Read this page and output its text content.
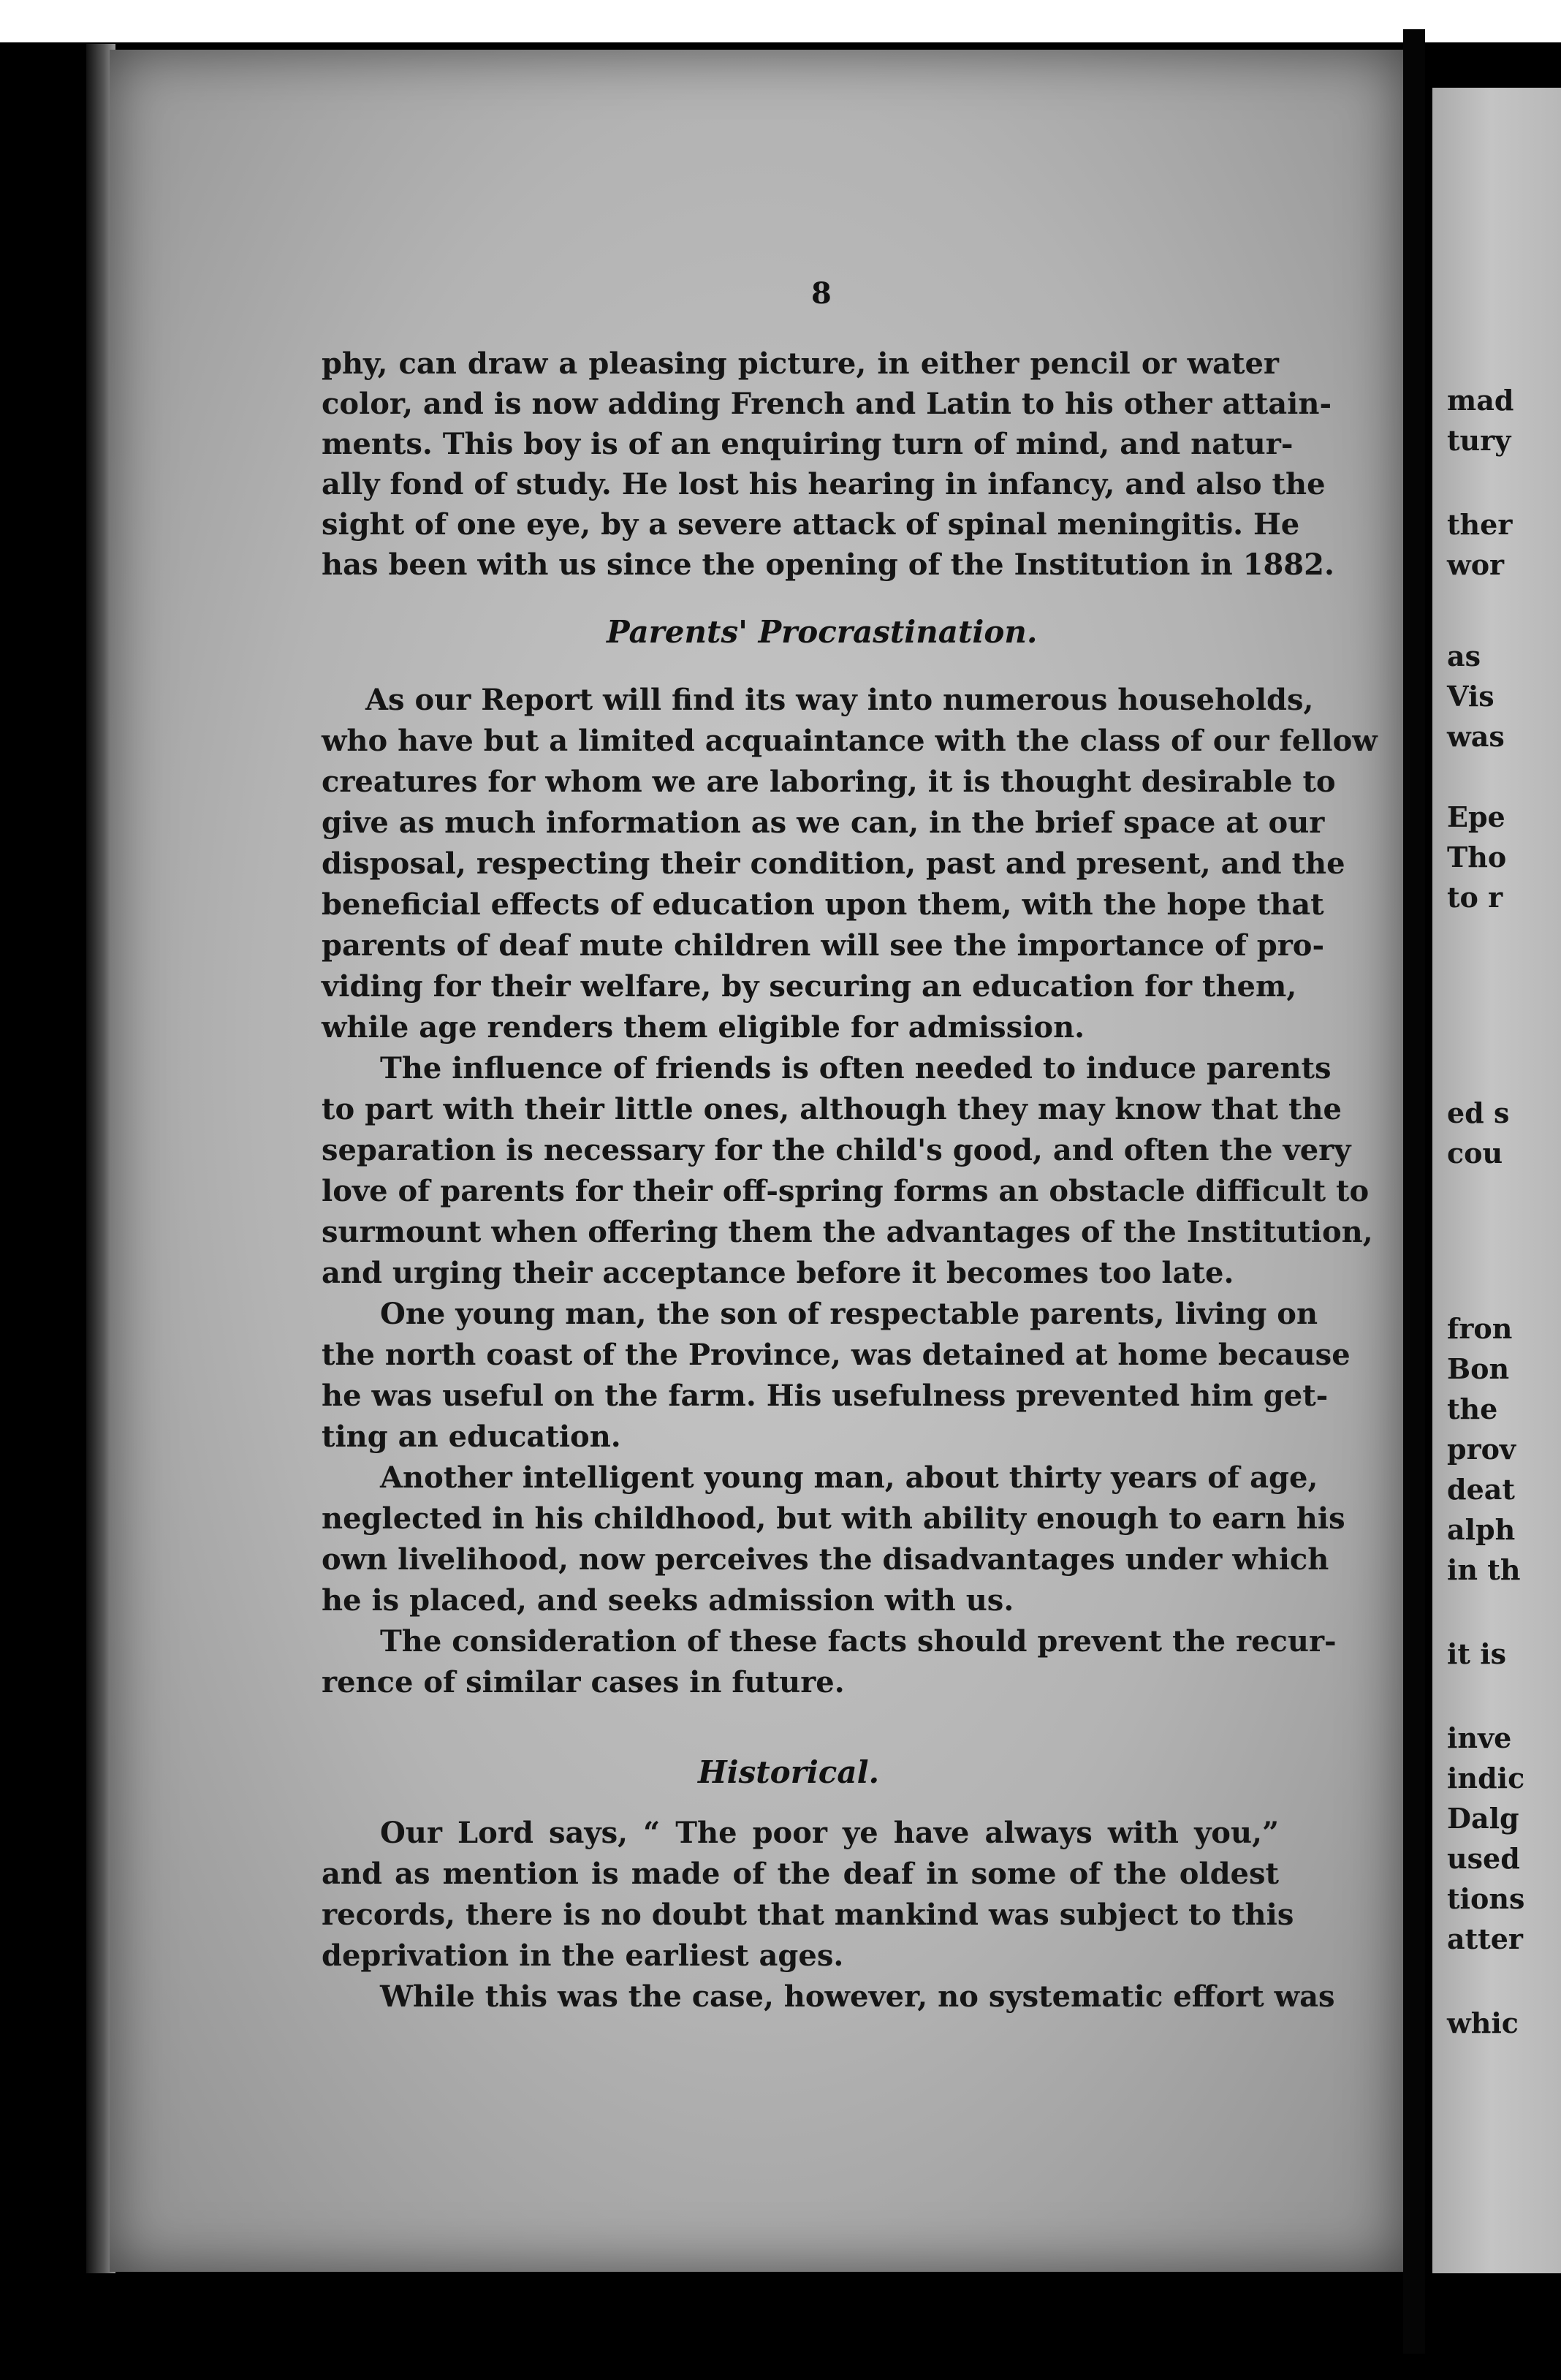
8
phy, can draw a pleasing picture, in either pencil or water
color, and is now adding French and Latin to his other attain-
ments. This boy is of an enquiring turn of mind, and natur-
ally fond of study. He lost his hearing in infancy, and also the
sight of one eye, by a severe attack of spinal meningitis. He
has been with us since the opening of the Institution in 1882.
Parents' Procrastination.
As our Report will find its way into numerous households,
who have but a limited acquaintance with the class of our fellow
creatures for whom we are laboring, it is thought desirable to
give as much information as we can, in the brief space at our
disposal, respecting their condition, past and present, and the
beneficial effects of education upon them, with the hope that
parents of deaf mute children will see the importance of pro-
viding for their welfare, by securing an education for them,
while age renders them eligible for admission.
The influence of friends is often needed to induce parents
to part with their little ones, although they may know that the
separation is necessary for the child's good, and often the very
love of parents for their off-spring forms an obstacle difficult to
surmount when offering them the advantages of the Institution,
and urging their acceptance before it becomes too late.
One young man, the son of respectable parents, living on
the north coast of the Province, was detained at home because
he was useful on the farm. His usefulness prevented him get-
ting an education.
Another intelligent young man, about thirty years of age,
neglected in his childhood, but with ability enough to earn his
own livelihood, now perceives the disadvantages under which
he is placed, and seeks admission with us.
The consideration of these facts should prevent the recur-
rence of similar cases in future.
Historical.
Our Lord says, “ The poor ye have always with you,”
and as mention is made of the deaf in some of the oldest
records, there is no doubt that mankind was subject to this
deprivation in the earliest ages.
While this was the case, however, no systematic effort was
mad
tury
ther
wor
as
Vis
was
Epe
Tho
to r
ed s
cou
fron
Bon
the
prov
deat
alph
in th
it is
inve
indic
Dalg
used
tions
atter
whic
